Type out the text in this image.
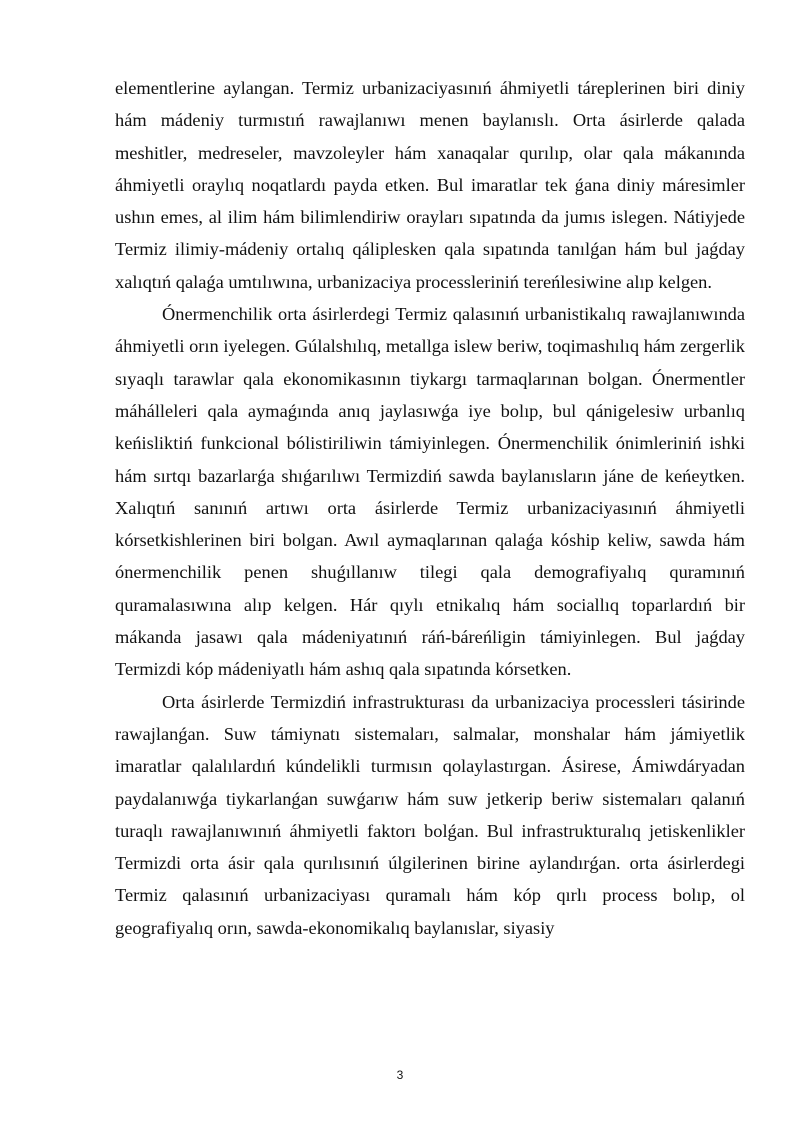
elementlerine aylangan. Termiz urbanizaciyasınıń áhmiyetli táreplerinen biri diniy hám mádeniy turmıstıń rawajlanıwı menen baylanıslı. Orta ásirlerde qalada meshitler, medreseler, mavzoleyler hám xanaqalar qurılıp, olar qala mákanında áhmiyetli oraylıq noqatlardı payda etken. Bul imaratlar tek ǵana diniy máresimler ushın emes, al ilim hám bilimlendiriw orayları sıpatında da jumıs islegen. Nátiyjede Termiz ilimiy-mádeniy ortalıq qáliplesken qala sıpatında tanılǵan hám bul jaǵday xalıqtıń qalaǵa umtılıwına, urbanizaciya processleriniń tereńlesiwine alıp kelgen.

Ónermenchilik orta ásirlerdegi Termiz qalasınıń urbanistikalıq rawajlanıwında áhmiyetli orın iyelegen. Gúlalshılıq, metallga islew beriw, toqimashılıq hám zergerlik sıyaqlı tarawlar qala ekonomikasının tiykargı tarmaqlarınan bolgan. Ónermentler máhálleleri qala aymaǵında anıq jaylasıwǵa iye bolıp, bul qánigelesiw urbanlıq keńisliktiń funkcional bólistiriliwin támiyinlegen. Ónermenchilik ónimleriniń ishki hám sırtqı bazarlarǵa shıǵarılıwı Termizdiń sawda baylanısların jáne de keńeytken. Xalıqtıń sanınıń artıwı orta ásirlerde Termiz urbanizaciyasınıń áhmiyetli kórsetkishlerinen biri bolgan. Awıl aymaqlarınan qalaǵa kóship keliw, sawda hám ónermenchilik penen shuǵıllanıw tilegi qala demografiyalıq quramınıń quramalasıwına alıp kelgen. Hár qıylı etnikalıq hám sociallıq toparlardıń bir mákanda jasawı qala mádeniyatınıń ráń-báreńligin támiyinlegen. Bul jaǵday Termizdi kóp mádeniyatlı hám ashıq qala sıpatında kórsetken.

Orta ásirlerde Termizdiń infrastrukturası da urbanizaciya processleri tásirinde rawajlanǵan. Suw támiynatı sistemaları, salmalar, monshalar hám jámiyetlik imaratlar qalalılardıń kúndelikli turmısın qolaylastırgan. Ásirese, Ámiwdáryadan paydalanıwǵa tiykarlanǵan suwǵarıw hám suw jetkerip beriw sistemaları qalanıń turaqlı rawajlanıwınıń áhmiyetli faktorı bolǵan. Bul infrastrukturalıq jetiskenlikler Termizdi orta ásir qala qurılısınıń úlgilerinen birine aylandırǵan. orta ásirlerdegi Termiz qalasınıń urbanizaciyası quramalı hám kóp qırlı process bolıp, ol geografiyalıq orın, sawda-ekonomikalıq baylanıslar, siyasiy

3
